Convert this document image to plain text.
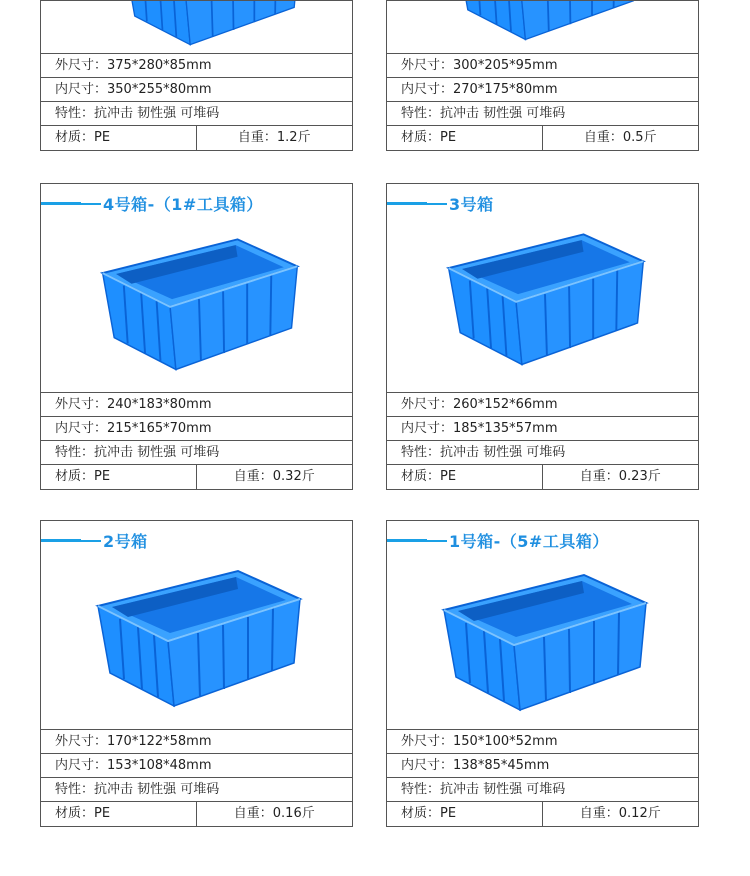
外尺寸：375*280*85mm
内尺寸：350*255*80mm
特性：抗冲击 韧性强 可堆码
材质：PE	自重：1.2斤
外尺寸：300*205*95mm
内尺寸：270*175*80mm
特性：抗冲击 韧性强 可堆码
材质：PE	自重：0.5斤
4号箱-（1#工具箱）
外尺寸：240*183*80mm
内尺寸：215*165*70mm
特性：抗冲击 韧性强 可堆码
材质：PE	自重：0.32斤
3号箱
外尺寸：260*152*66mm
内尺寸：185*135*57mm
特性：抗冲击 韧性强 可堆码
材质：PE	自重：0.23斤
2号箱
外尺寸：170*122*58mm
内尺寸：153*108*48mm
特性：抗冲击 韧性强 可堆码
材质：PE	自重：0.16斤
1号箱-（5#工具箱）
外尺寸：150*100*52mm
内尺寸：138*85*45mm
特性：抗冲击 韧性强 可堆码
材质：PE	自重：0.12斤
